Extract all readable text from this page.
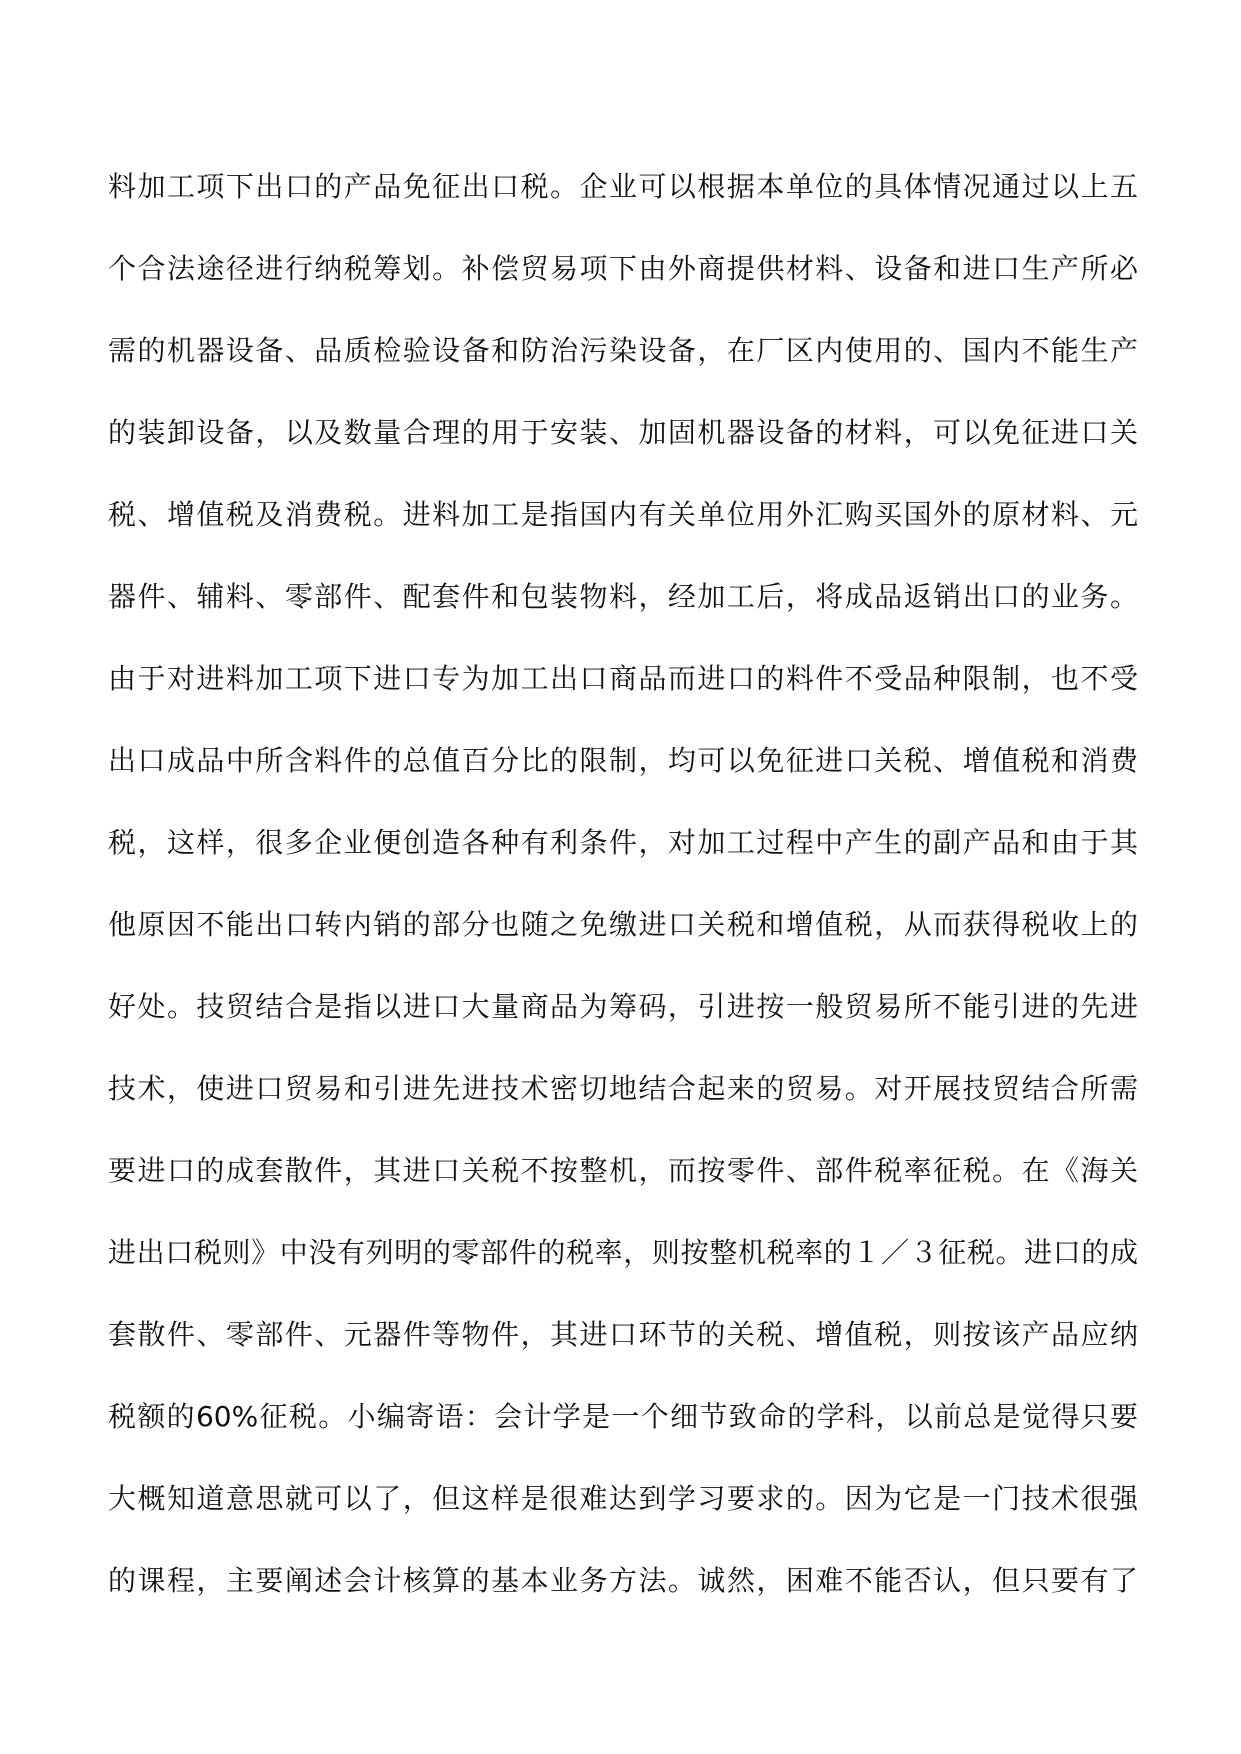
料加工项下出口的产品免征出口税。企业可以根据本单位的具体情况通过以上五
个合法途径进行纳税筹划。补偿贸易项下由外商提供材料、设备和进口生产所必
需的机器设备、品质检验设备和防治污染设备，在厂区内使用的、国内不能生产
的装卸设备，以及数量合理的用于安装、加固机器设备的材料，可以免征进口关
税、增值税及消费税。进料加工是指国内有关单位用外汇购买国外的原材料、元
器件、辅料、零部件、配套件和包装物料，经加工后，将成品返销出口的业务。
由于对进料加工项下进口专为加工出口商品而进口的料件不受品种限制，也不受
出口成品中所含料件的总值百分比的限制，均可以免征进口关税、增值税和消费
税，这样，很多企业便创造各种有利条件，对加工过程中产生的副产品和由于其
他原因不能出口转内销的部分也随之免缴进口关税和增值税，从而获得税收上的
好处。技贸结合是指以进口大量商品为筹码，引进按一般贸易所不能引进的先进
技术，使进口贸易和引进先进技术密切地结合起来的贸易。对开展技贸结合所需
要进口的成套散件，其进口关税不按整机，而按零件、部件税率征税。在《海关
进出口税则》中没有列明的零部件的税率，则按整机税率的１／３征税。进口的成
套散件、零部件、元器件等物件，其进口环节的关税、增值税，则按该产品应纳
税额的60%征税。小编寄语：会计学是一个细节致命的学科，以前总是觉得只要
大概知道意思就可以了，但这样是很难达到学习要求的。因为它是一门技术很强
的课程，主要阐述会计核算的基本业务方法。诚然，困难不能否认，但只要有了
